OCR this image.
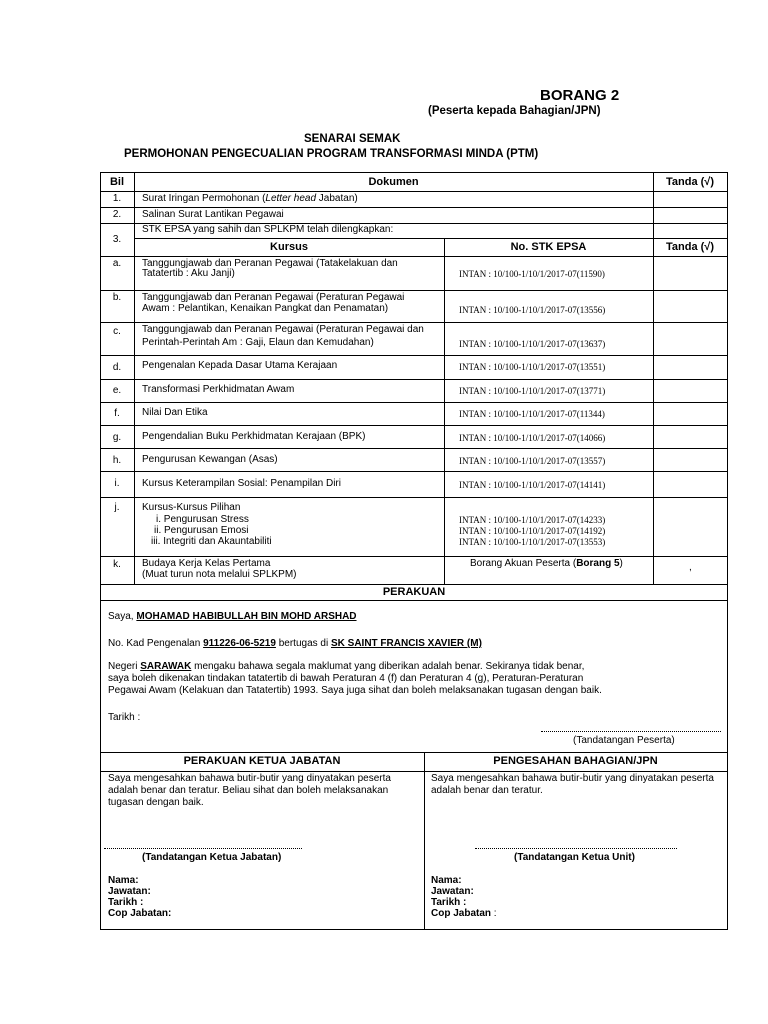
BORANG 2
(Peserta kepada Bahagian/JPN)
SENARAI SEMAK
PERMOHONAN PENGECUALIAN PROGRAM TRANSFORMASI MINDA (PTM)
Bil	Dokumen	Tanda (√)
1.	Surat Iringan Permohonan (Letter head Jabatan)
2.	Salinan Surat Lantikan Pegawai
3.
STK EPSA yang sahih dan SPLKPM telah dilengkapkan:
Kursus	No. STK EPSA	Tanda (√)
a.	Tanggungjawab dan Peranan Pegawai (Tatakelakuan dan
Tatatertib : Aku Janji)	INTAN : 10/100-1/10/1/2017-07(11590)
b.	Tanggungjawab dan Peranan Pegawai (Peraturan Pegawai
Awam : Pelantikan, Kenaikan Pangkat dan Penamatan)	INTAN : 10/100-1/10/1/2017-07(13556)
c.	Tanggungjawab dan Peranan Pegawai (Peraturan Pegawai dan
Perintah-Perintah Am : Gaji, Elaun dan Kemudahan)	INTAN : 10/100-1/10/1/2017-07(13637)
d.	Pengenalan Kepada Dasar Utama Kerajaan	INTAN : 10/100-1/10/1/2017-07(13551)
e.	Transformasi Perkhidmatan Awam	INTAN : 10/100-1/10/1/2017-07(13771)
f.	Nilai Dan Etika	INTAN : 10/100-1/10/1/2017-07(11344)
g.	Pengendalian Buku Perkhidmatan Kerajaan (BPK)	INTAN : 10/100-1/10/1/2017-07(14066)
h.	Pengurusan Kewangan (Asas)	INTAN : 10/100-1/10/1/2017-07(13557)
i.	Kursus Keterampilan Sosial: Penampilan Diri	INTAN : 10/100-1/10/1/2017-07(14141)
j.	Kursus-Kursus Pilihan
i. Pengurusan Stress
ii. Pengurusan Emosi
iii. Integriti dan Akauntabiliti
INTAN : 10/100-1/10/1/2017-07(14233)
INTAN : 10/100-1/10/1/2017-07(14192)
INTAN : 10/100-1/10/1/2017-07(13553)
k.	Budaya Kerja Kelas Pertama
(Muat turun nota melalui SPLKPM)
Borang Akuan Peserta (Borang 5)	,
PERAKUAN
Saya, MOHAMAD HABIBULLAH BIN MOHD ARSHAD
No. Kad Pengenalan 911226-06-5219 bertugas di SK SAINT FRANCIS XAVIER (M)
Negeri SARAWAK mengaku bahawa segala maklumat yang diberikan adalah benar. Sekiranya tidak benar,
saya boleh dikenakan tindakan tatatertib di bawah Peraturan 4 (f) dan Peraturan 4 (g), Peraturan-Peraturan
Pegawai Awam (Kelakuan dan Tatatertib) 1993. Saya juga sihat dan boleh melaksanakan tugasan dengan baik.
Tarikh :
(Tandatangan Peserta)
PERAKUAN KETUA JABATAN	PENGESAHAN BAHAGIAN/JPN
Saya mengesahkan bahawa butir-butir yang dinyatakan peserta
adalah benar dan teratur. Beliau sihat dan boleh melaksanakan
tugasan dengan baik.
(Tandatangan Ketua Jabatan)
Nama:
Jawatan:
Tarikh :
Cop Jabatan:
Saya mengesahkan bahawa butir-butir yang dinyatakan peserta
adalah benar dan teratur.
(Tandatangan Ketua Unit)
Nama:
Jawatan:
Tarikh :
Cop Jabatan :
